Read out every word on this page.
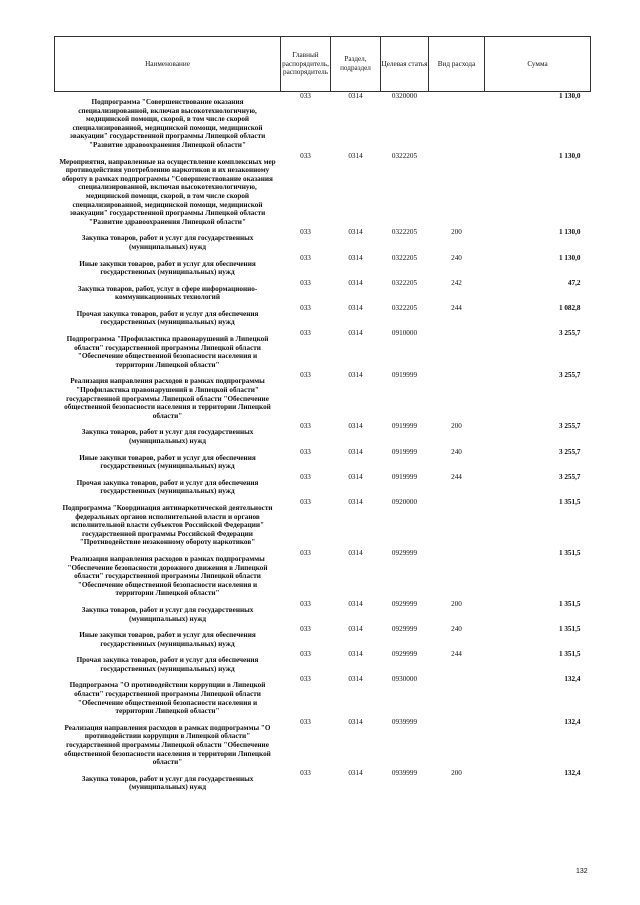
Наименование	Главный распорядитель, распорядитель	Раздел, подраздел	Целевая статья	Вид расхода	Сумма
Подпрограмма "Совершенствование оказания специализированной, включая высокотехнологичную, медицинской помощи, скорой, в том числе скорой специализированной, медицинской помощи, медицинской эвакуации" государственной программы Липецкой области "Развитие здравоохранения Липецкой области"	033	0314	0320000		1 130,0
Мероприятия, направленные на осуществление комплексных мер противодействия употреблению наркотиков и их незаконному обороту в рамках подпрограммы "Совершенствование оказания специализированной, включая высокотехнологичную, медицинской помощи, скорой, в том числе скорой специализированной, медицинской помощи, медицинской эвакуации" государственной программы Липецкой области "Развитие здравоохранения Липецкой области"	033	0314	0322205		1 130,0
Закупка товаров, работ и услуг для государственных (муниципальных) нужд	033	0314	0322205	200	1 130,0
Иные закупки товаров, работ и услуг для обеспечения государственных (муниципальных) нужд	033	0314	0322205	240	1 130,0
Закупка товаров, работ, услуг в сфере информационно-коммуникационных технологий	033	0314	0322205	242	47,2
Прочая закупка товаров, работ и услуг для обеспечения государственных (муниципальных) нужд	033	0314	0322205	244	1 082,8
Подпрограмма "Профилактика правонарушений в Липецкой области" государственной программы Липецкой области "Обеспечение общественной безопасности населения и территории Липецкой области"	033	0314	0910000		3 255,7
Реализация направления расходов в рамках подпрограммы "Профилактика правонарушений в Липецкой области" государственной программы Липецкой области "Обеспечение общественной безопасности населения и территории Липецкой области"	033	0314	0919999		3 255,7
Закупка товаров, работ и услуг для государственных (муниципальных) нужд	033	0314	0919999	200	3 255,7
Иные закупки товаров, работ и услуг для обеспечения государственных (муниципальных) нужд	033	0314	0919999	240	3 255,7
Прочая закупка товаров, работ и услуг для обеспечения государственных (муниципальных) нужд	033	0314	0919999	244	3 255,7
Подпрограмма "Координация антинаркотической деятельности федеральных органов исполнительной власти и органов исполнительной власти субъектов Российской Федерации" государственной программы Российской Федерации "Противодействие незаконному обороту наркотиков"	033	0314	0920000		1 351,5
Реализация направления расходов в рамках подпрограммы "Обеспечение безопасности дорожного движения в Липецкой области" государственной программы Липецкой области "Обеспечение общественной безопасности населения и территории Липецкой области"	033	0314	0929999		1 351,5
Закупка товаров, работ и услуг для государственных (муниципальных) нужд	033	0314	0929999	200	1 351,5
Иные закупки товаров, работ и услуг для обеспечения государственных (муниципальных) нужд	033	0314	0929999	240	1 351,5
Прочая закупка товаров, работ и услуг для обеспечения государственных (муниципальных) нужд	033	0314	0929999	244	1 351,5
Подпрограмма "О противодействии коррупции в Липецкой области" государственной программы Липецкой области "Обеспечение общественной безопасности населения и территории Липецкой области"	033	0314	0930000		132,4
Реализация направления расходов в рамках подпрограммы "О противодействии коррупции в Липецкой области" государственной программы Липецкой области "Обеспечение общественной безопасности населения и территории Липецкой области"	033	0314	0939999		132,4
Закупка товаров, работ и услуг для государственных (муниципальных) нужд	033	0314	0939999	200	132,4
132
